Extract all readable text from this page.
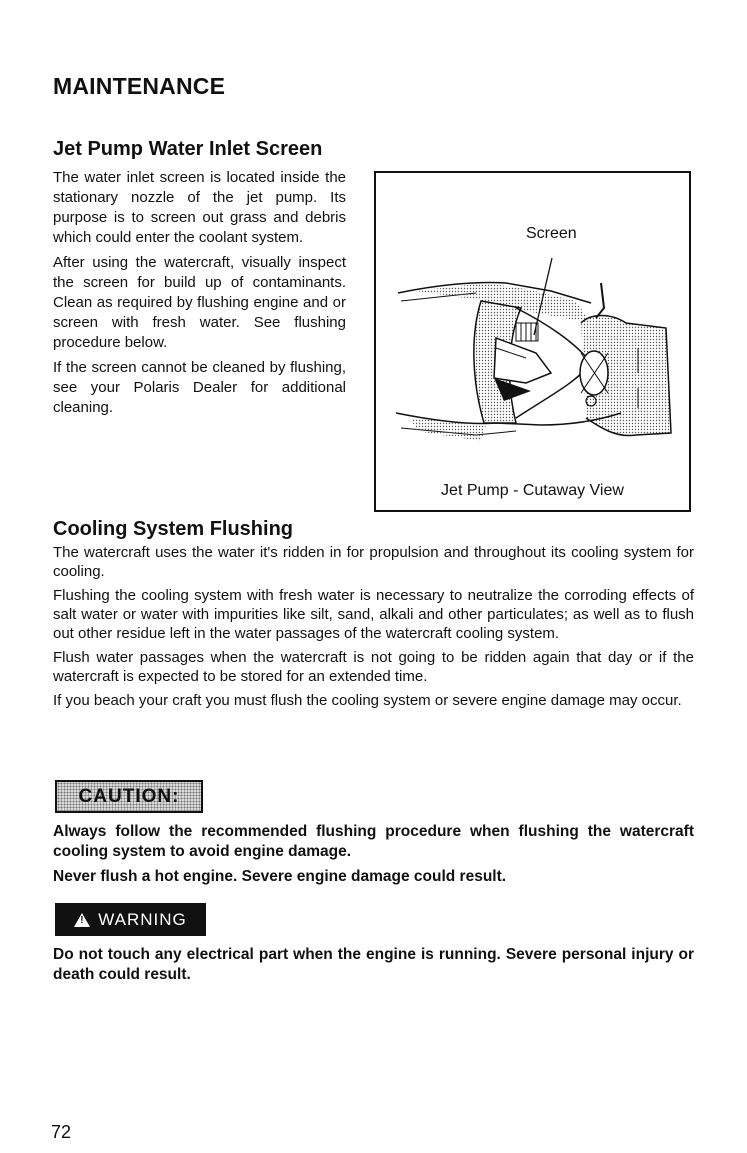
MAINTENANCE
Jet Pump Water Inlet Screen

The water inlet screen is located inside the stationary nozzle of the jet pump. Its purpose is to screen out grass and debris which could enter the coolant system.

After using the watercraft, visually inspect the screen for build up of contaminants. Clean as required by flushing engine and or screen with fresh water. See flushing procedure below.

If the screen cannot be cleaned by flushing, see your Polaris Dealer for additional cleaning.

Screen
Jet Pump - Cutaway View
Cooling System Flushing

The watercraft uses the water it's ridden in for propulsion and throughout its cooling system for cooling.

Flushing the cooling system with fresh water is necessary to neutralize the corroding effects of salt water or water with impurities like silt, sand, alkali and other particulates; as well as to flush out other residue left in the water passages of the watercraft cooling system.

Flush water passages when the watercraft is not going to be ridden again that day or if the watercraft is expected to be stored for an extended time.

If you beach your craft you must flush the cooling system or severe engine damage may occur.

CAUTION:

Always follow the recommended flushing procedure when flushing the watercraft cooling system to avoid engine damage.

Never flush a hot engine. Severe engine damage could result.

! WARNING

Do not touch any electrical part when the engine is running. Severe personal injury or death could result.

72
